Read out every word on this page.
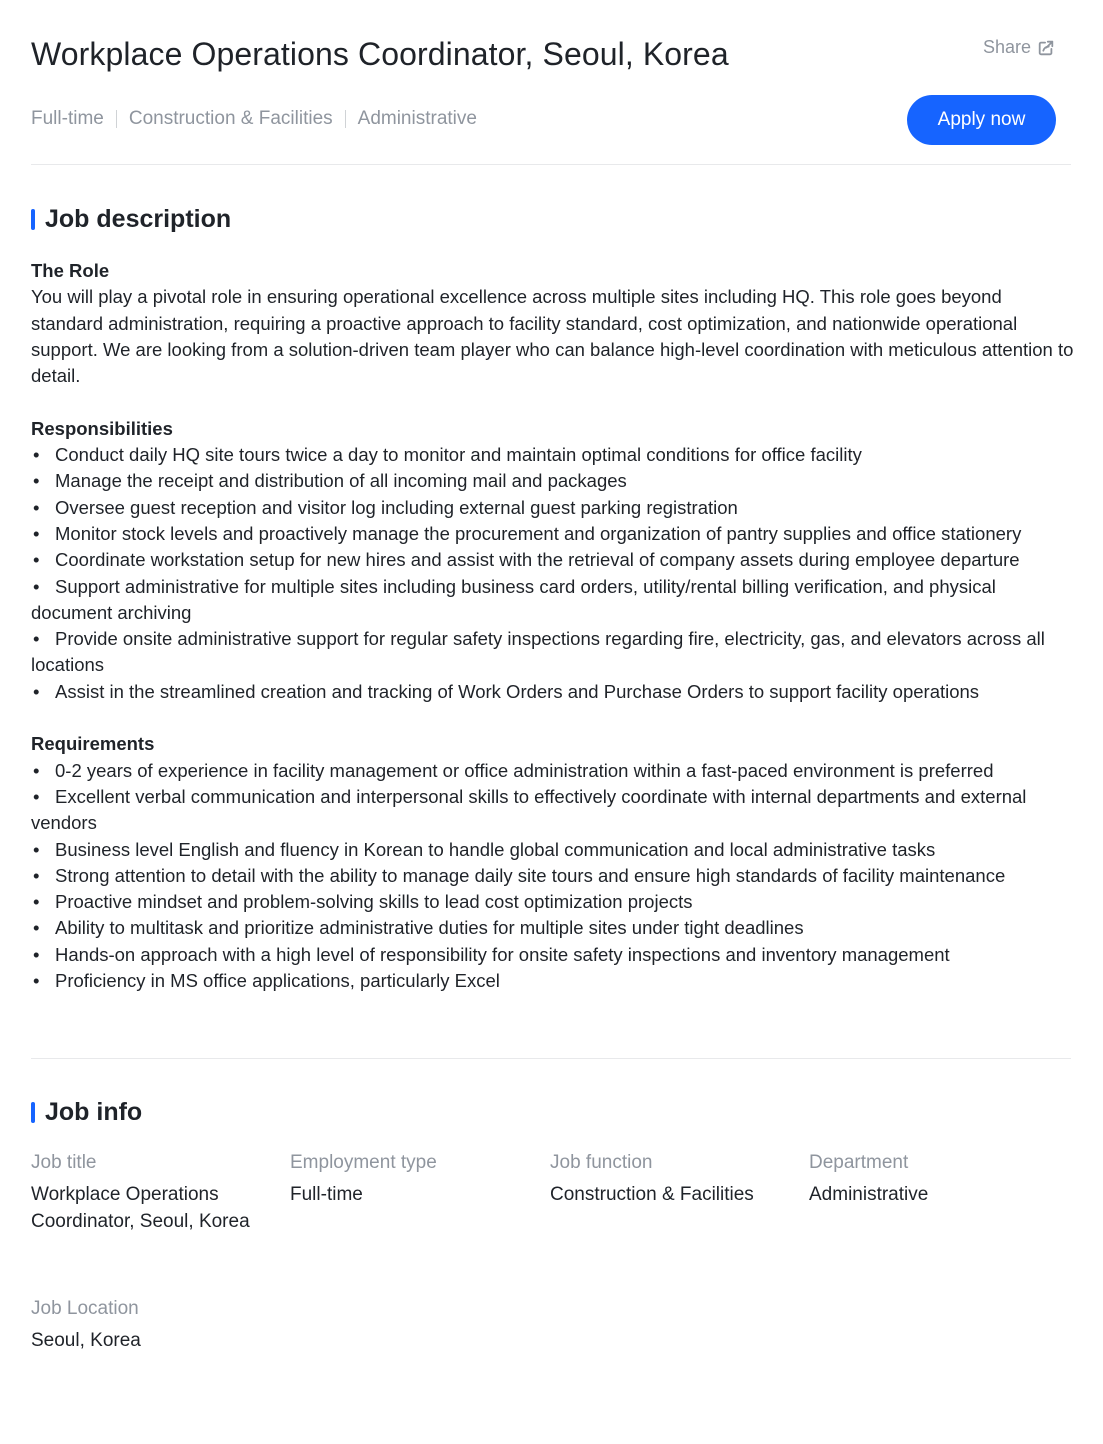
Workplace Operations Coordinator, Seoul, Korea	Share
Full-time Construction & Facilities Administrative	Apply now
Job description
The Role

You will play a pivotal role in ensuring operational excellence across multiple sites including HQ. This role goes beyond standard administration, requiring a proactive approach to facility standard, cost optimization, and nationwide operational support. We are looking from a solution-driven team player who can balance high-level coordination with meticulous attention to detail.

Responsibilities
• Conduct daily HQ site tours twice a day to monitor and maintain optimal conditions for office facility
• Manage the receipt and distribution of all incoming mail and packages
• Oversee guest reception and visitor log including external guest parking registration
• Monitor stock levels and proactively manage the procurement and organization of pantry supplies and office stationery
• Coordinate workstation setup for new hires and assist with the retrieval of company assets during employee departure
• Support administrative for multiple sites including business card orders, utility/rental billing verification, and physical document archiving
• Provide onsite administrative support for regular safety inspections regarding fire, electricity, gas, and elevators across all locations
• Assist in the streamlined creation and tracking of Work Orders and Purchase Orders to support facility operations
Requirements
• 0-2 years of experience in facility management or office administration within a fast-paced environment is preferred
• Excellent verbal communication and interpersonal skills to effectively coordinate with internal departments and external vendors
• Business level English and fluency in Korean to handle global communication and local administrative tasks
• Strong attention to detail with the ability to manage daily site tours and ensure high standards of facility maintenance
• Proactive mindset and problem-solving skills to lead cost optimization projects
• Ability to multitask and prioritize administrative duties for multiple sites under tight deadlines
• Hands-on approach with a high level of responsibility for onsite safety inspections and inventory management
• Proficiency in MS office applications, particularly Excel
Job info
Job title
Workplace Operations Coordinator, Seoul, Korea
Employment type
Full-time
Job function
Construction & Facilities
Department
Administrative
Job Location
Seoul, Korea
